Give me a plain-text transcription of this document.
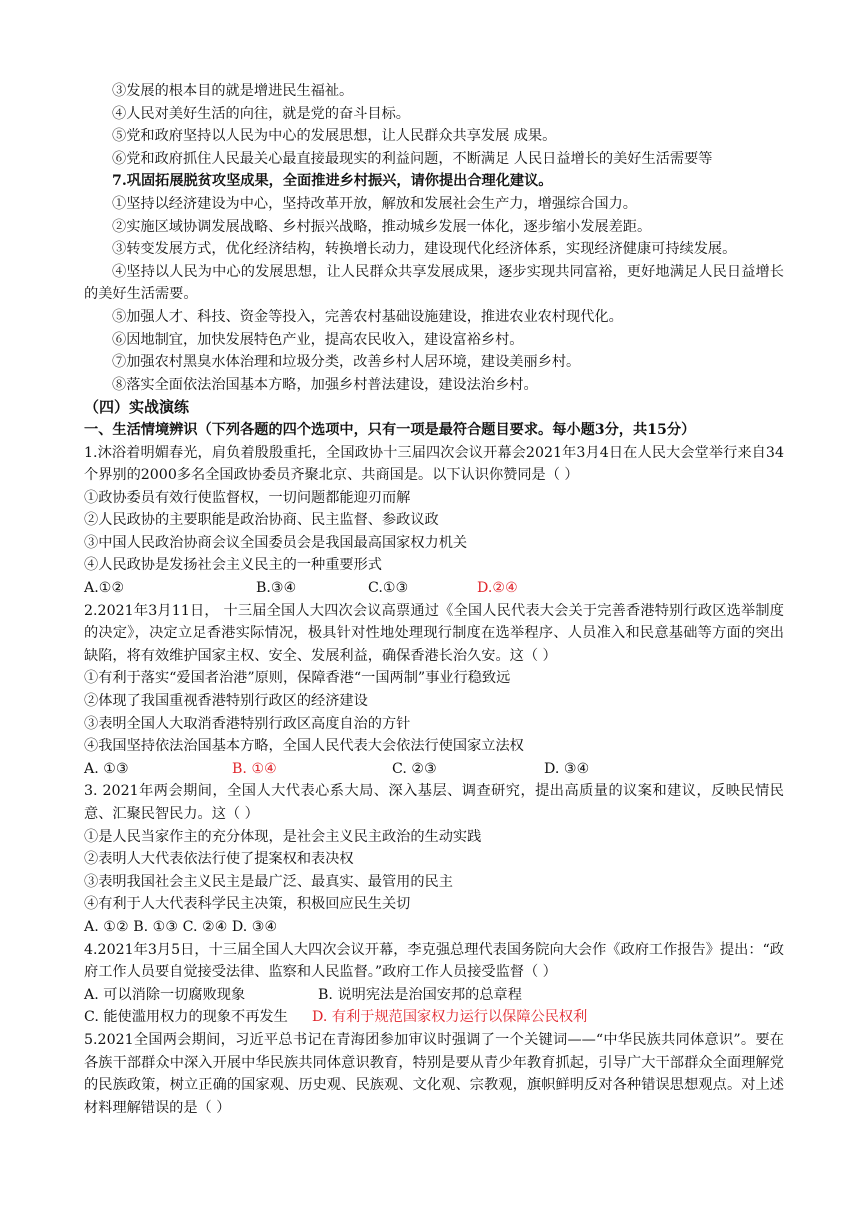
③发展的根本目的就是增进民生福祉。
④人民对美好生活的向往，就是党的奋斗目标。
⑤党和政府坚持以人民为中心的发展思想，让人民群众共享发展 成果。
⑥党和政府抓住人民最关心最直接最现实的利益问题，不断满足 人民日益增长的美好生活需要等
7.巩固拓展脱贫攻坚成果，全面推进乡村振兴，请你提出合理化建议。
①坚持以经济建设为中心，坚持改革开放，解放和发展社会生产力，增强综合国力。
②实施区域协调发展战略、乡村振兴战略，推动城乡发展一体化，逐步缩小发展差距。
③转变发展方式，优化经济结构，转换增长动力，建设现代化经济体系，实现经济健康可持续发展。
④坚持以人民为中心的发展思想，让人民群众共享发展成果，逐步实现共同富裕，更好地满足人民日益增长的美好生活需要。
⑤加强人才、科技、资金等投入，完善农村基础设施建设，推进农业农村现代化。
⑥因地制宜，加快发展特色产业，提高农民收入，建设富裕乡村。
⑦加强农村黑臭水体治理和垃圾分类，改善乡村人居环境，建设美丽乡村。
⑧落实全面依法治国基本方略，加强乡村普法建设，建设法治乡村。
（四）实战演练
一、生活情境辨识（下列各题的四个选项中，只有一项是最符合题目要求。每小题3分，共15分）
1.沐浴着明媚春光，肩负着殷殷重托，全国政协十三届四次会议开幕会2021年3月4日在人民大会堂举行来自34个界别的2000多名全国政协委员齐聚北京、共商国是。以下认识你赞同是（ ）
①政协委员有效行使监督权，一切问题都能迎刃而解
②人民政协的主要职能是政治协商、民主监督、参政议政
③中国人民政治协商会议全国委员会是我国最高国家权力机关
④人民政协是发扬社会主义民主的一种重要形式
A.①②	B.③④	C.①③	D.②④
2.2021年3月11日， 十三届全国人大四次会议高票通过《全国人民代表大会关于完善香港特别行政区选举制度的决定》，决定立足香港实际情况，极具针对性地处理现行制度在选举程序、人员准入和民意基础等方面的突出缺陷，将有效维护国家主权、安全、发展利益，确保香港长治久安。这（ ）
①有利于落实“爱国者治港”原则，保障香港“一国两制”事业行稳致远
②体现了我国重视香港特别行政区的经济建设
③表明全国人大取消香港特别行政区高度自治的方针
④我国坚持依法治国基本方略，全国人民代表大会依法行使国家立法权
A. ①③	B. ①④	C. ②③	D. ③④
3. 2021年两会期间，全国人大代表心系大局、深入基层、调查研究，提出高质量的议案和建议，反映民情民意、汇聚民智民力。这（ ）
①是人民当家作主的充分体现，是社会主义民主政治的生动实践
②表明人大代表依法行使了提案权和表决权
③表明我国社会主义民主是最广泛、最真实、最管用的民主
④有利于人大代表科学民主决策，积极回应民生关切
A. ①② B. ①③ C. ②④ D. ③④
4.2021年3月5日，十三届全国人大四次会议开幕，李克强总理代表国务院向大会作《政府工作报告》提出：“政府工作人员要自觉接受法律、监察和人民监督。”政府工作人员接受监督（ ）
A. 可以消除一切腐败现象	B. 说明宪法是治国安邦的总章程
C. 能使滥用权力的现象不再发生	D. 有利于规范国家权力运行以保障公民权利
5.2021全国两会期间，习近平总书记在青海团参加审议时强调了一个关键词——“中华民族共同体意识”。要在各族干部群众中深入开展中华民族共同体意识教育，特别是要从青少年教育抓起，引导广大干部群众全面理解党的民族政策，树立正确的国家观、历史观、民族观、文化观、宗教观，旗帜鲜明反对各种错误思想观点。对上述材料理解错误的是（ ）
